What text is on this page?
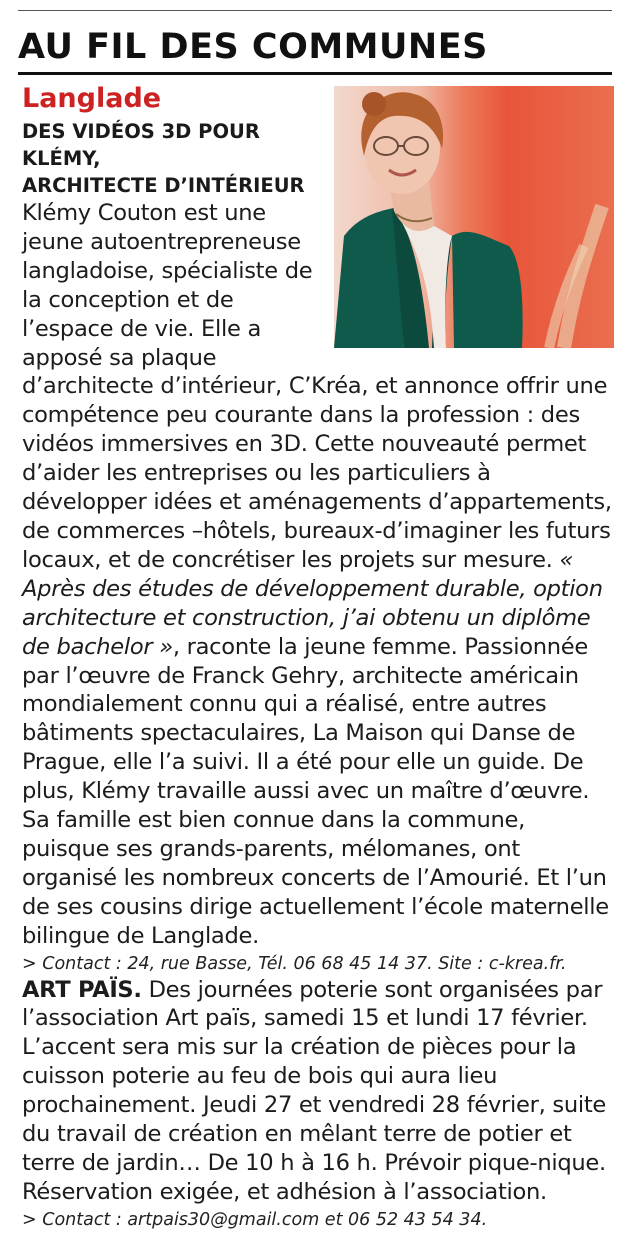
AU FIL DES COMMUNES
Langlade
DES VIDÉOS 3D POUR KLÉMY,
ARCHITECTE D’INTÉRIEUR

Klémy Couton est une jeune autoentrepreneuse langladoise, spécialiste de la conception et de l’espace de vie. Elle a apposé sa plaque d’architecte d’intérieur, C’Kréa, et annonce offrir une compétence peu courante dans la profession : des vidéos immersives en 3D. Cette nouveauté permet d’aider les entreprises ou les particuliers à développer idées et aménagements d’appartements, de commerces –hôtels, bureaux-d’imaginer les futurs locaux, et de concrétiser les projets sur mesure. « Après des études de développement durable, option architecture et construction, j’ai obtenu un diplôme de bachelor », raconte la jeune femme. Passionnée par l’œuvre de Franck Gehry, architecte américain mondialement connu qui a réalisé, entre autres bâtiments spectaculaires, La Maison qui Danse de Prague, elle l’a suivi. Il a été pour elle un guide. De plus, Klémy travaille aussi avec un maître d’œuvre. Sa famille est bien connue dans la commune, puisque ses grands-parents, mélomanes, ont organisé les nombreux concerts de l’Amourié. Et l’un de ses cousins dirige actuellement l’école maternelle bilingue de Langlade.

> Contact : 24, rue Basse, Tél. 06 68 45 14 37. Site : c-krea.fr.

ART PAÏS. Des journées poterie sont organisées par l’association Art païs, samedi 15 et lundi 17 février. L’accent sera mis sur la création de pièces pour la cuisson poterie au feu de bois qui aura lieu prochainement. Jeudi 27 et vendredi 28 février, suite du travail de création en mêlant terre de potier et terre de jardin… De 10 h à 16 h. Prévoir pique-nique. Réservation exigée, et adhésion à l’association.

> Contact : artpais30@gmail.com et 06 52 43 54 34.
